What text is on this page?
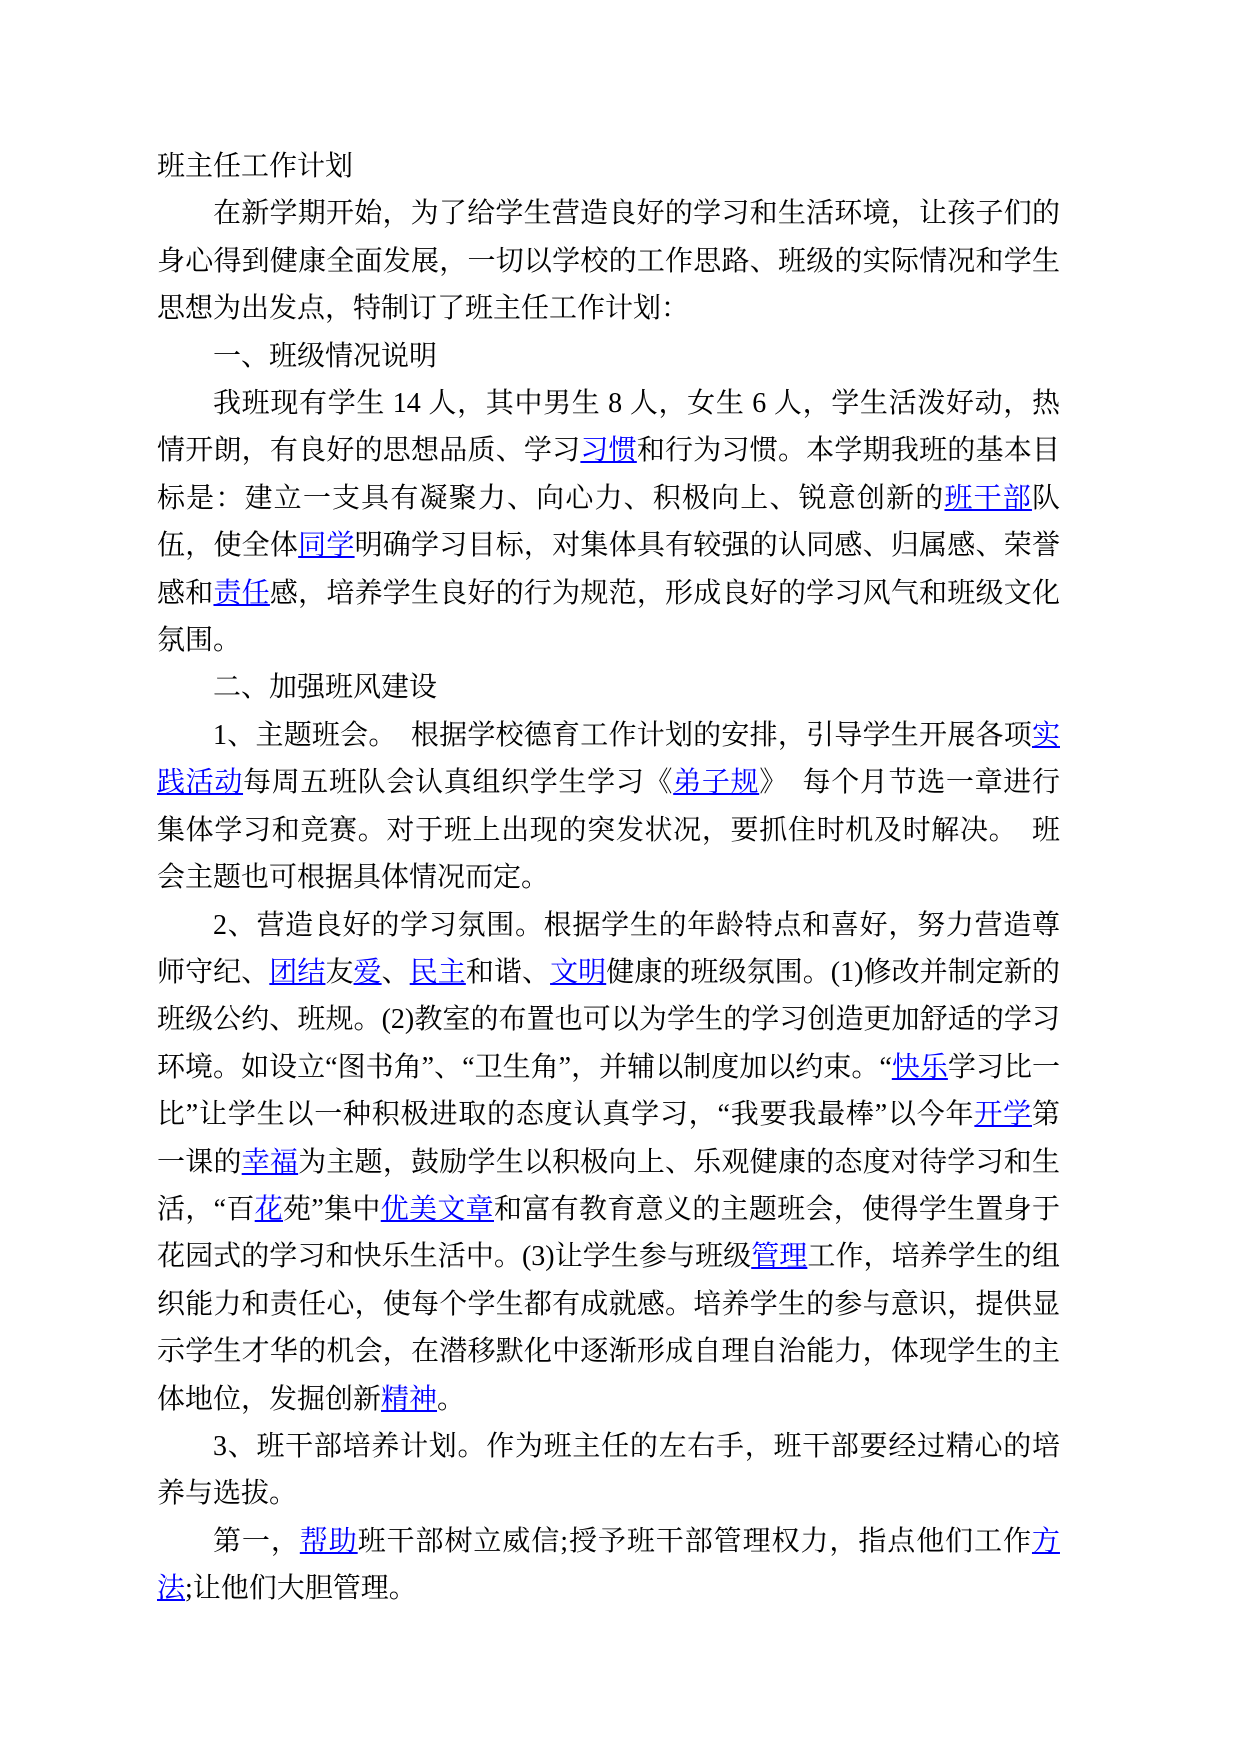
班主任工作计划

在新学期开始，为了给学生营造良好的学习和生活环境，让孩子们的身心得到健康全面发展，一切以学校的工作思路、班级的实际情况和学生思想为出发点，特制订了班主任工作计划：

一、班级情况说明

我班现有学生 14 人，其中男生 8 人，女生 6 人，学生活泼好动，热情开朗，有良好的思想品质、学习习惯和行为习惯。本学期我班的基本目标是：建立一支具有凝聚力、向心力、积极向上、锐意创新的班干部队伍，使全体同学明确学习目标，对集体具有较强的认同感、归属感、荣誉感和责任感，培养学生良好的行为规范，形成良好的学习风气和班级文化氛围。

二、加强班风建设

1、主题班会。　根据学校德育工作计划的安排，引导学生开展各项实践活动每周五班队会认真组织学生学习《弟子规》　每个月节选一章进行集体学习和竞赛。对于班上出现的突发状况，要抓住时机及时解决。　班会主题也可根据具体情况而定。

2、营造良好的学习氛围。根据学生的年龄特点和喜好，努力营造尊师守纪、团结友爱、民主和谐、文明健康的班级氛围。(1)修改并制定新的班级公约、班规。(2)教室的布置也可以为学生的学习创造更加舒适的学习环境。如设立“图书角”、“卫生角”，并辅以制度加以约束。“快乐学习比一比”让学生以一种积极进取的态度认真学习，“我要我最棒”以今年开学第一课的幸福为主题，鼓励学生以积极向上、乐观健康的态度对待学习和生活，“百花苑”集中优美文章和富有教育意义的主题班会，使得学生置身于花园式的学习和快乐生活中。(3)让学生参与班级管理工作，培养学生的组织能力和责任心，使每个学生都有成就感。培养学生的参与意识，提供显示学生才华的机会，在潜移默化中逐渐形成自理自治能力，体现学生的主体地位，发掘创新精神。

3、班干部培养计划。作为班主任的左右手，班干部要经过精心的培养与选拔。

第一，帮助班干部树立威信;授予班干部管理权力，指点他们工作方法;让他们大胆管理。
